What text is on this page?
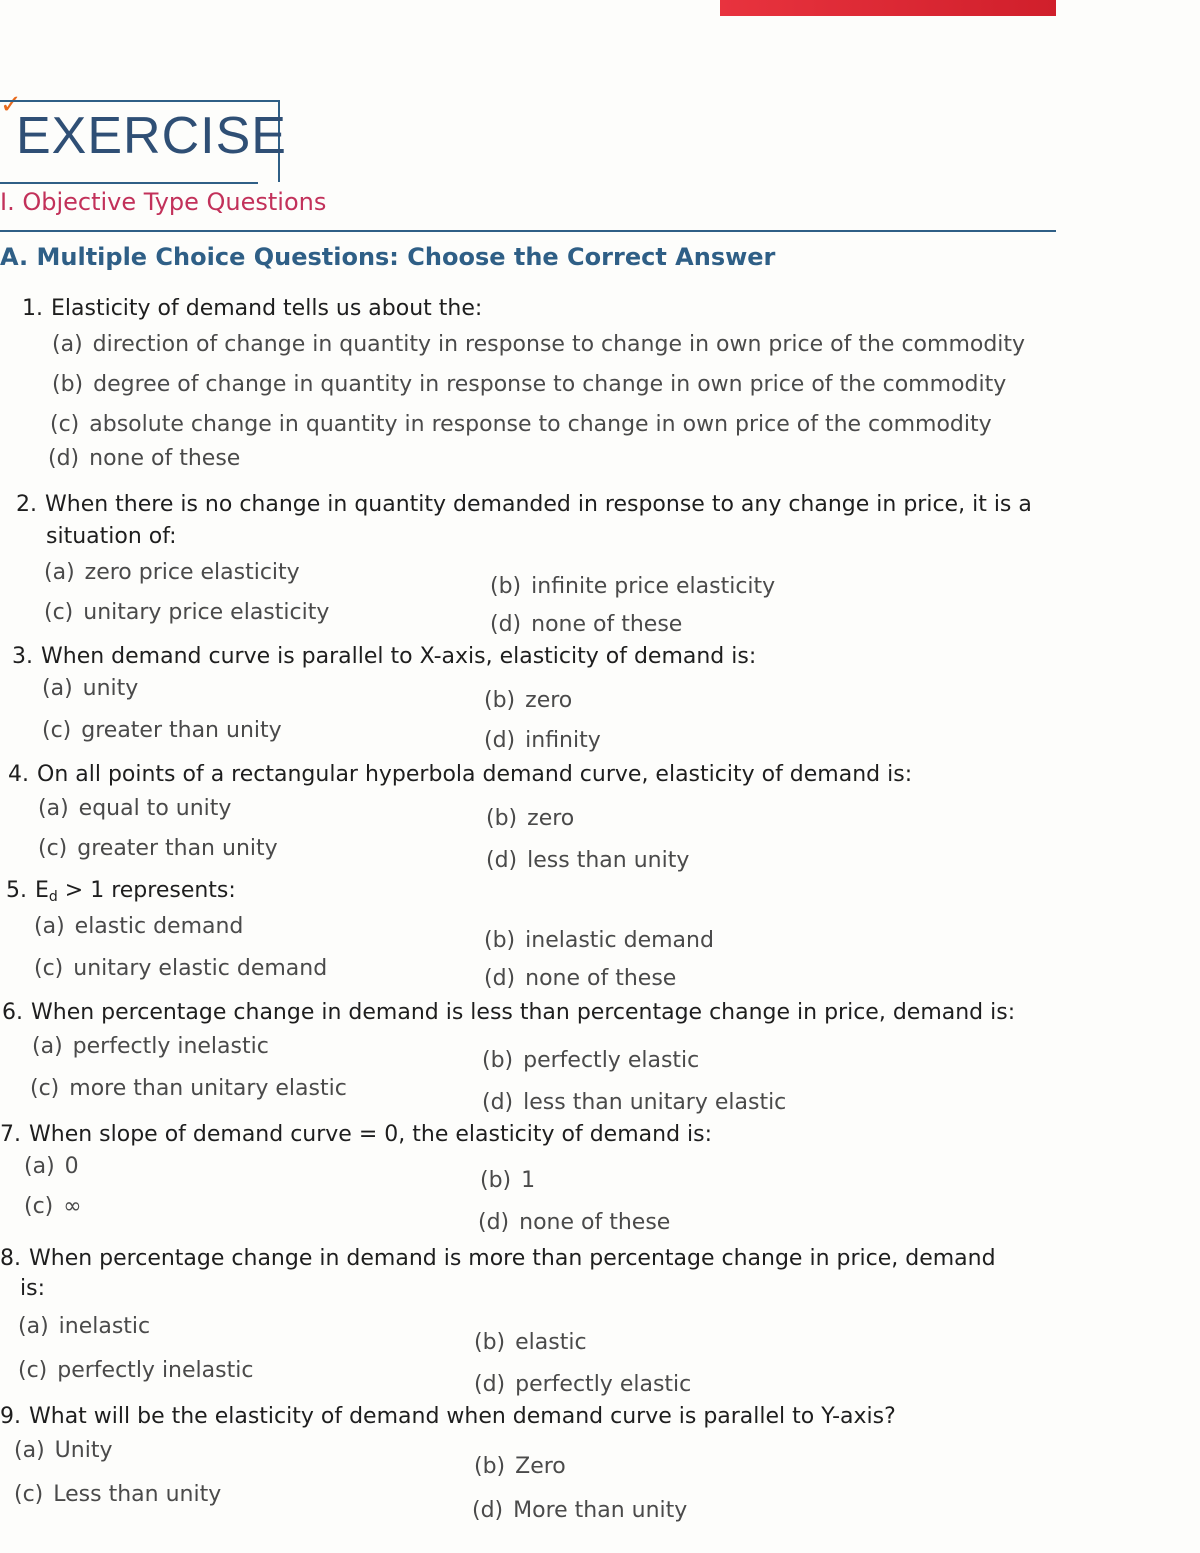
✓
EXERCISE
I. Objective Type Questions
A. Multiple Choice Questions: Choose the Correct Answer
1. Elasticity of demand tells us about the:
(a) direction of change in quantity in response to change in own price of the commodity
(b) degree of change in quantity in response to change in own price of the commodity
(c) absolute change in quantity in response to change in own price of the commodity
(d) none of these
2. When there is no change in quantity demanded in response to any change in price, it is a
situation of:
(a) zero price elasticity
(b) infinite price elasticity
(c) unitary price elasticity	(d) none of these
3. When demand curve is parallel to X-axis, elasticity of demand is:
(a) unity	(b) zero
(c) greater than unity	(d) infinity
4. On all points of a rectangular hyperbola demand curve, elasticity of demand is:
(a) equal to unity	(b) zero
(c) greater than unity	(d) less than unity
5. $E_d > 1$ represents:
(a) elastic demand
(b) inelastic demand
(c) unitary elastic demand	(d) none of these
6. When percentage change in demand is less than percentage change in price, demand is:
(a) perfectly inelastic
(b) perfectly elastic
(c) more than unitary elastic
(d) less than unitary elastic
7. When slope of demand curve = 0, the elasticity of demand is:
(a) 0
(b) 1
(c) ∞
(d) none of these
8. When percentage change in demand is more than percentage change in price, demand
is:
(a) inelastic
(b) elastic
(c) perfectly inelastic
(d) perfectly elastic
9. What will be the elasticity of demand when demand curve is parallel to Y-axis?
(a) Unity
(b) Zero
(c) Less than unity
(d) More than unity
